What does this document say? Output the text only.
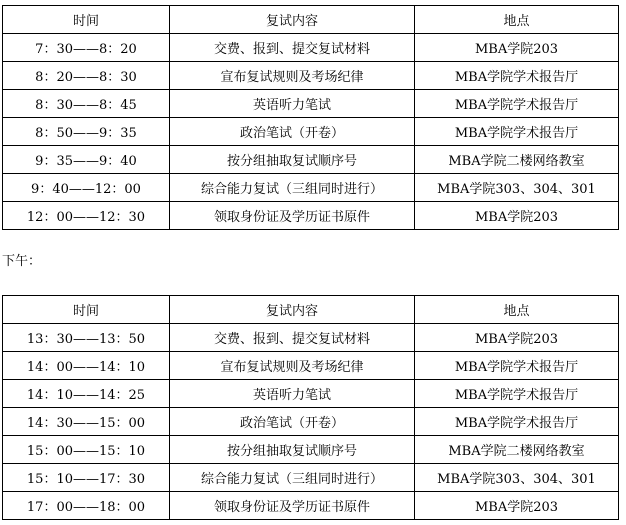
时间	复试内容	地点
7：30——8：20	交费、报到、提交复试材料	MBA学院203
8：20——8：30	宣布复试规则及考场纪律	MBA学院学术报告厅
8：30——8：45	英语听力笔试	MBA学院学术报告厅
8：50——9：35	政治笔试（开卷）	MBA学院学术报告厅
9：35——9：40	按分组抽取复试顺序号	MBA学院二楼网络教室
9：40——12：00	综合能力复试（三组同时进行）	MBA学院303、304、301
12：00——12：30	领取身份证及学历证书原件	MBA学院203
下午：
时间	复试内容	地点
13：30——13：50	交费、报到、提交复试材料	MBA学院203
14：00——14：10	宣布复试规则及考场纪律	MBA学院学术报告厅
14：10——14：25	英语听力笔试	MBA学院学术报告厅
14：30——15：00	政治笔试（开卷）	MBA学院学术报告厅
15：00——15：10	按分组抽取复试顺序号	MBA学院二楼网络教室
15：10——17：30	综合能力复试（三组同时进行）	MBA学院303、304、301
17：00——18：00	领取身份证及学历证书原件	MBA学院203
